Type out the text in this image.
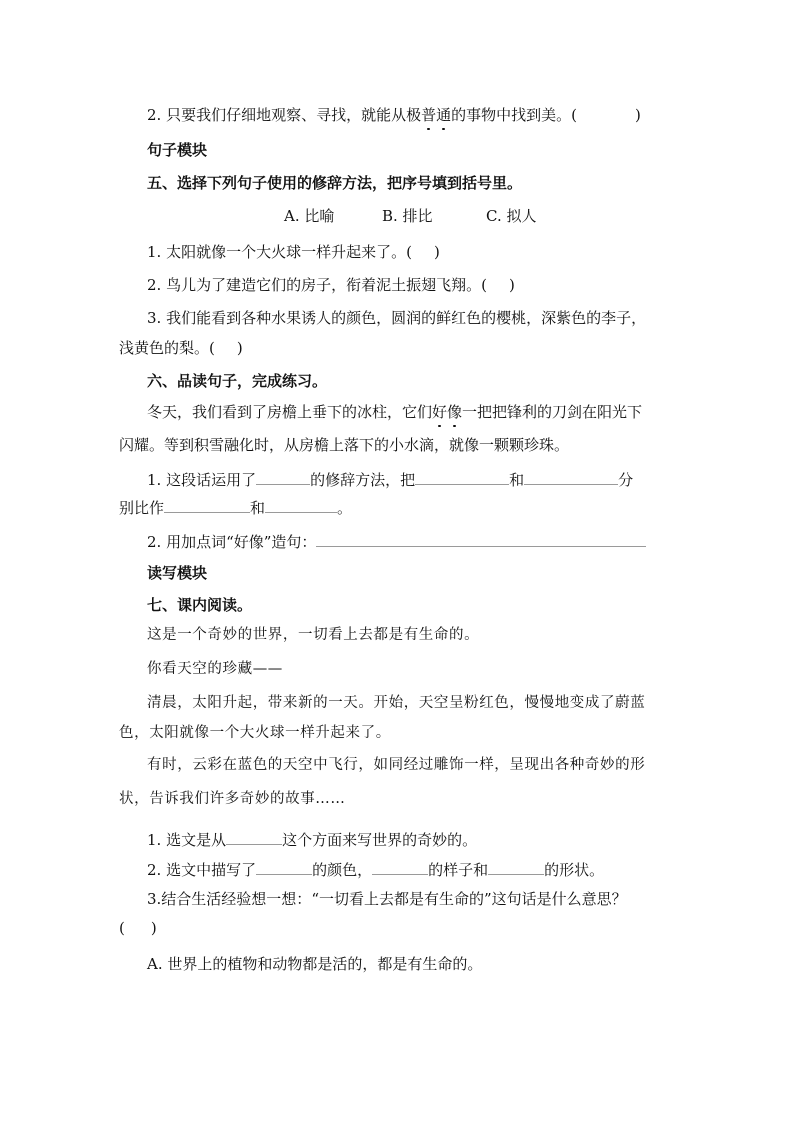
2. 只要我们仔细地观察、寻找，就能从极普通的事物中找到美。(	)
句子模块
五、选择下列句子使用的修辞方法，把序号填到括号里。
A. 比喻	B. 排比	C. 拟人
1. 太阳就像一个大火球一样升起来了。( )
2. 鸟儿为了建造它们的房子，衔着泥土振翅飞翔。( )
3. 我们能看到各种水果诱人的颜色，圆润的鲜红色的樱桃，深紫色的李子，
浅黄色的梨。( )
六、品读句子，完成练习。
冬天，我们看到了房檐上垂下的冰柱，它们好像一把把锋利的刀剑在阳光下
闪耀。等到积雪融化时，从房檐上落下的小水滴，就像一颗颗珍珠。
1. 这段话运用了	的修辞方法，把	和	分
别比作	和	。
2. 用加点词“好像”造句：
读写模块
七、课内阅读。
这是一个奇妙的世界，一切看上去都是有生命的。
你看天空的珍藏——
清晨，太阳升起，带来新的一天。开始，天空呈粉红色，慢慢地变成了蔚蓝
色，太阳就像一个大火球一样升起来了。
有时，云彩在蓝色的天空中飞行，如同经过雕饰一样，呈现出各种奇妙的形
状，告诉我们许多奇妙的故事……
1. 选文是从	这个方面来写世界的奇妙的。
2. 选文中描写了	的颜色，	的样子和	的形状。
3.结合生活经验想一想：“一切看上去都是有生命的”这句话是什么意思？
( )
A. 世界上的植物和动物都是活的，都是有生命的。
